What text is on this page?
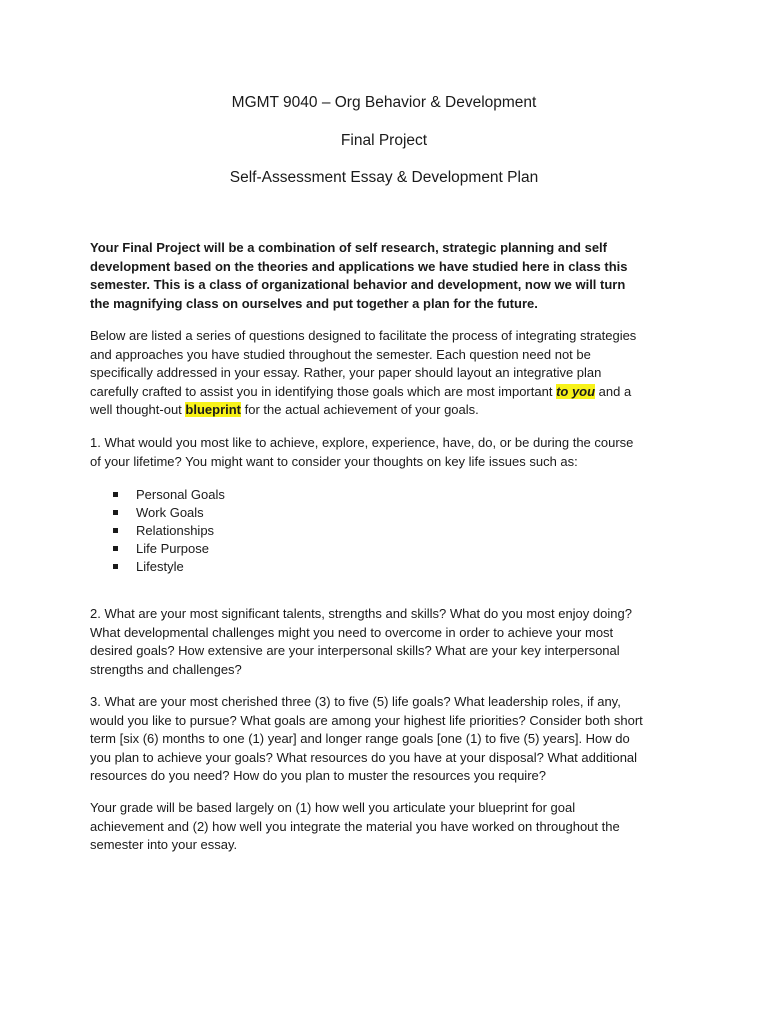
MGMT 9040 – Org Behavior & Development
Final Project
Self-Assessment Essay & Development Plan
Your Final Project will be a combination of self research, strategic planning and self
development based on the theories and applications we have studied here in class this
semester. This is a class of organizational behavior and development, now we will turn
the magnifying class on ourselves and put together a plan for the future.
Below are listed a series of questions designed to facilitate the process of integrating strategies
and approaches you have studied throughout the semester. Each question need not be
specifically addressed in your essay. Rather, your paper should layout an integrative plan
carefully crafted to assist you in identifying those goals which are most important to you and a
well thought-out blueprint for the actual achievement of your goals.
1. What would you most like to achieve, explore, experience, have, do, or be during the course
of your lifetime? You might want to consider your thoughts on key life issues such as:
Personal Goals
Work Goals
Relationships
Life Purpose
Lifestyle
2. What are your most significant talents, strengths and skills? What do you most enjoy doing?
What developmental challenges might you need to overcome in order to achieve your most
desired goals? How extensive are your interpersonal skills? What are your key interpersonal
strengths and challenges?
3. What are your most cherished three (3) to five (5) life goals? What leadership roles, if any,
would you like to pursue? What goals are among your highest life priorities? Consider both short
term [six (6) months to one (1) year] and longer range goals [one (1) to five (5) years]. How do
you plan to achieve your goals? What resources do you have at your disposal? What additional
resources do you need? How do you plan to muster the resources you require?
Your grade will be based largely on (1) how well you articulate your blueprint for goal
achievement and (2) how well you integrate the material you have worked on throughout the
semester into your essay.
